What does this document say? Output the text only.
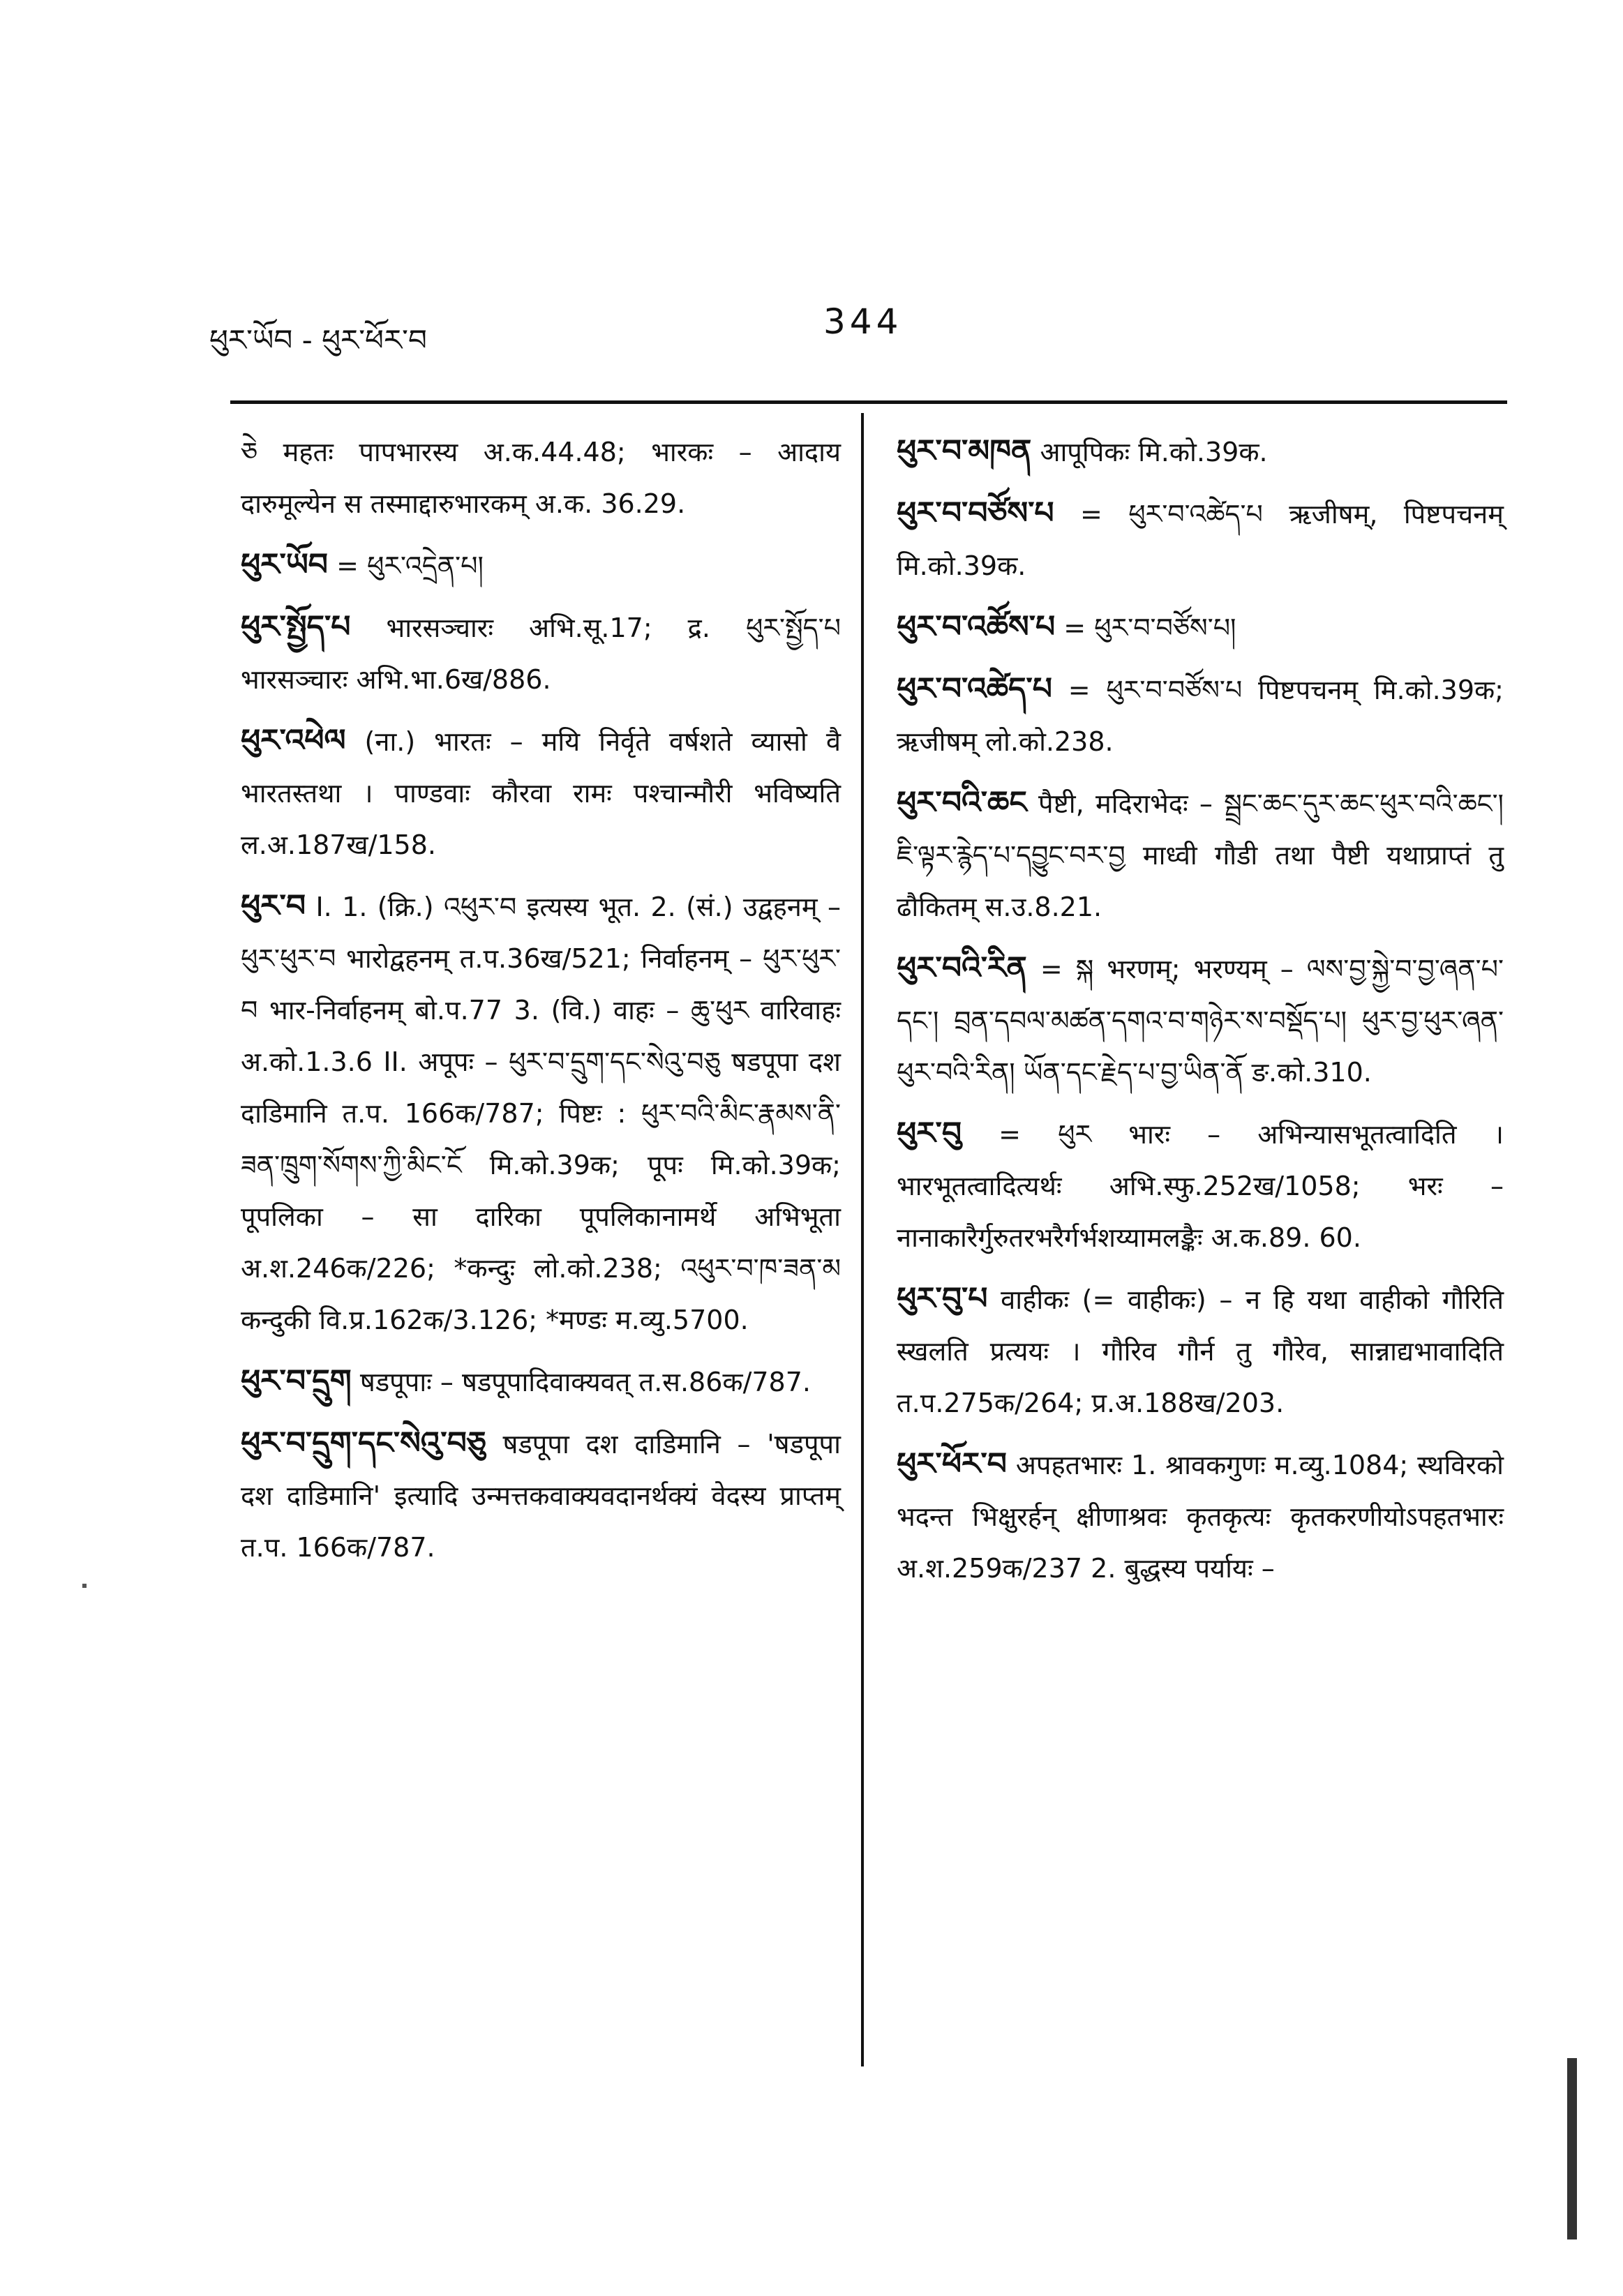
ཕུར་ཡོབ - ཕུར་ཕོར་བ	344

ཅེ महतः पापभारस्य अ.क.44.48; भारकः – आदाय दारुमूल्येन स तस्माद्दारुभारकम् अ.क. 36.29.

ཕུར་ཡོབ = ཕུར་འདྲེན་པ།

ཕུར་སྤྱོད་པ भारसञ्चारः अभि.सू.17; द्र. ཕུར་སྤྱོད་པ भारसञ्चारः अभि.भा.6ख/886.

ཕུར་འཕེལ (ना.) भारतः – मयि निर्वृते वर्षशते व्यासो वै भारतस्तथा । पाण्डवाः कौरवा रामः पश्चान्मौरी भविष्यति ल.अ.187ख/158.

ཕུར་བ I. 1. (क्रि.) འཕུར་བ इत्यस्य भूत. 2. (सं.) उद्वहनम् – ཕུར་ཕུར་བ भारोद्वहनम् त.प.36ख/521; निर्वाहनम् – ཕུར་ཕུར་བ भार-निर्वाहनम् बो.प.77 3. (वि.) वाहः – ཆུ་ཕུར वारिवाहः अ.को.1.3.6 II. अपूपः – ཕུར་བ་དྲུག་དང་སེའུ་བཅུ षडपूपा दश दाडिमानि त.प. 166क/787; पिष्टः : ཕུར་བའི་མིང་རྣམས་ནི་ཟན་ཁྲུག་སོགས་ཀྱི་མིང་ངོ मि.को.39क; पूपः मि.को.39क; पूपलिका – सा दारिका पूपलिकानामर्थे अभिभूता अ.श.246क/226; *कन्दुः लो.को.238; འཕུར་བ་ཁ་ཟན་མ कन्दुकी वि.प्र.162क/3.126; *मण्डः म.व्यु.5700.

ཕུར་བ་དྲུག षडपूपाः – षडपूपादिवाक्यवत् त.स.86क/787.

ཕུར་བ་དྲུག་དང་སེའུ་བཅུ षडपूपा दश दाडिमानि – 'षडपूपा दश दाडिमानि' इत्यादि उन्मत्तकवाक्यवदानर्थक्यं वेदस्य प्राप्तम् त.प. 166क/787.

ཕུར་བ་མཁན आपूपिकः मि.को.39क.

ཕུར་བ་བཙོས་པ = ཕུར་བ་འཚེད་པ ऋजीषम्, पिष्टपचनम् मि.को.39क.

ཕུར་བ་འཚོས་པ = ཕུར་བ་བཙོས་པ།

ཕུར་བ་འཚེད་པ = ཕུར་བ་བཙོས་པ पिष्टपचनम् मि.को.39क; ऋजीषम् लो.को.238.

ཕུར་བའི་ཆང पैष्टी, मदिराभेदः – སྦྲང་ཆང་དུར་ཆང་ཕུར་བའི་ཆང་། ཇི་ལྟར་རྙེད་པ་དབྱུང་བར་བྱ माध्वी गौडी तथा पैष्टी यथाप्राप्तं तु ढौकितम् स.उ.8.21.

ཕུར་བའི་རིན = སྐ भरणम्; भरण्यम् – ལས་བྱ་སྐྱེ་བ་བྱ་ཞན་པ་དང་། བྲན་དབལ་མཚན་དགའ་བ་གཉེར་ས་བསྡོད་པ། ཕུར་བྱ་ཕུར་ཞན་ཕུར་བའི་རིན། ཡོན་དང་རྗེད་པ་བྱ་ཡིན་ནོ ङ.को.310.

ཕུར་བུ = ཕུར भारः – अभिन्यासभूतत्वादिति । भारभूतत्वादित्यर्थः अभि.स्फु.252ख/1058; भरः – नानाकारैर्गुरुतरभरैर्गर्भशय्यामलङ्कैः अ.क.89. 60.

ཕུར་བུ་པ वाहीकः (= वाहीकः) – न हि यथा वाहीको गौरिति स्खलति प्रत्ययः । गौरिव गौर्न तु गौरेव, सान्नाद्यभावादिति त.प.275क/264; प्र.अ.188ख/203.

ཕུར་ཕོར་བ अपहतभारः 1. श्रावकगुणः म.व्यु.1084; स्थविरको भदन्त भिक्षुरर्हन् क्षीणाश्रवः कृतकृत्यः कृतकरणीयोऽपहतभारः अ.श.259क/237 2. बुद्धस्य पर्यायः –
